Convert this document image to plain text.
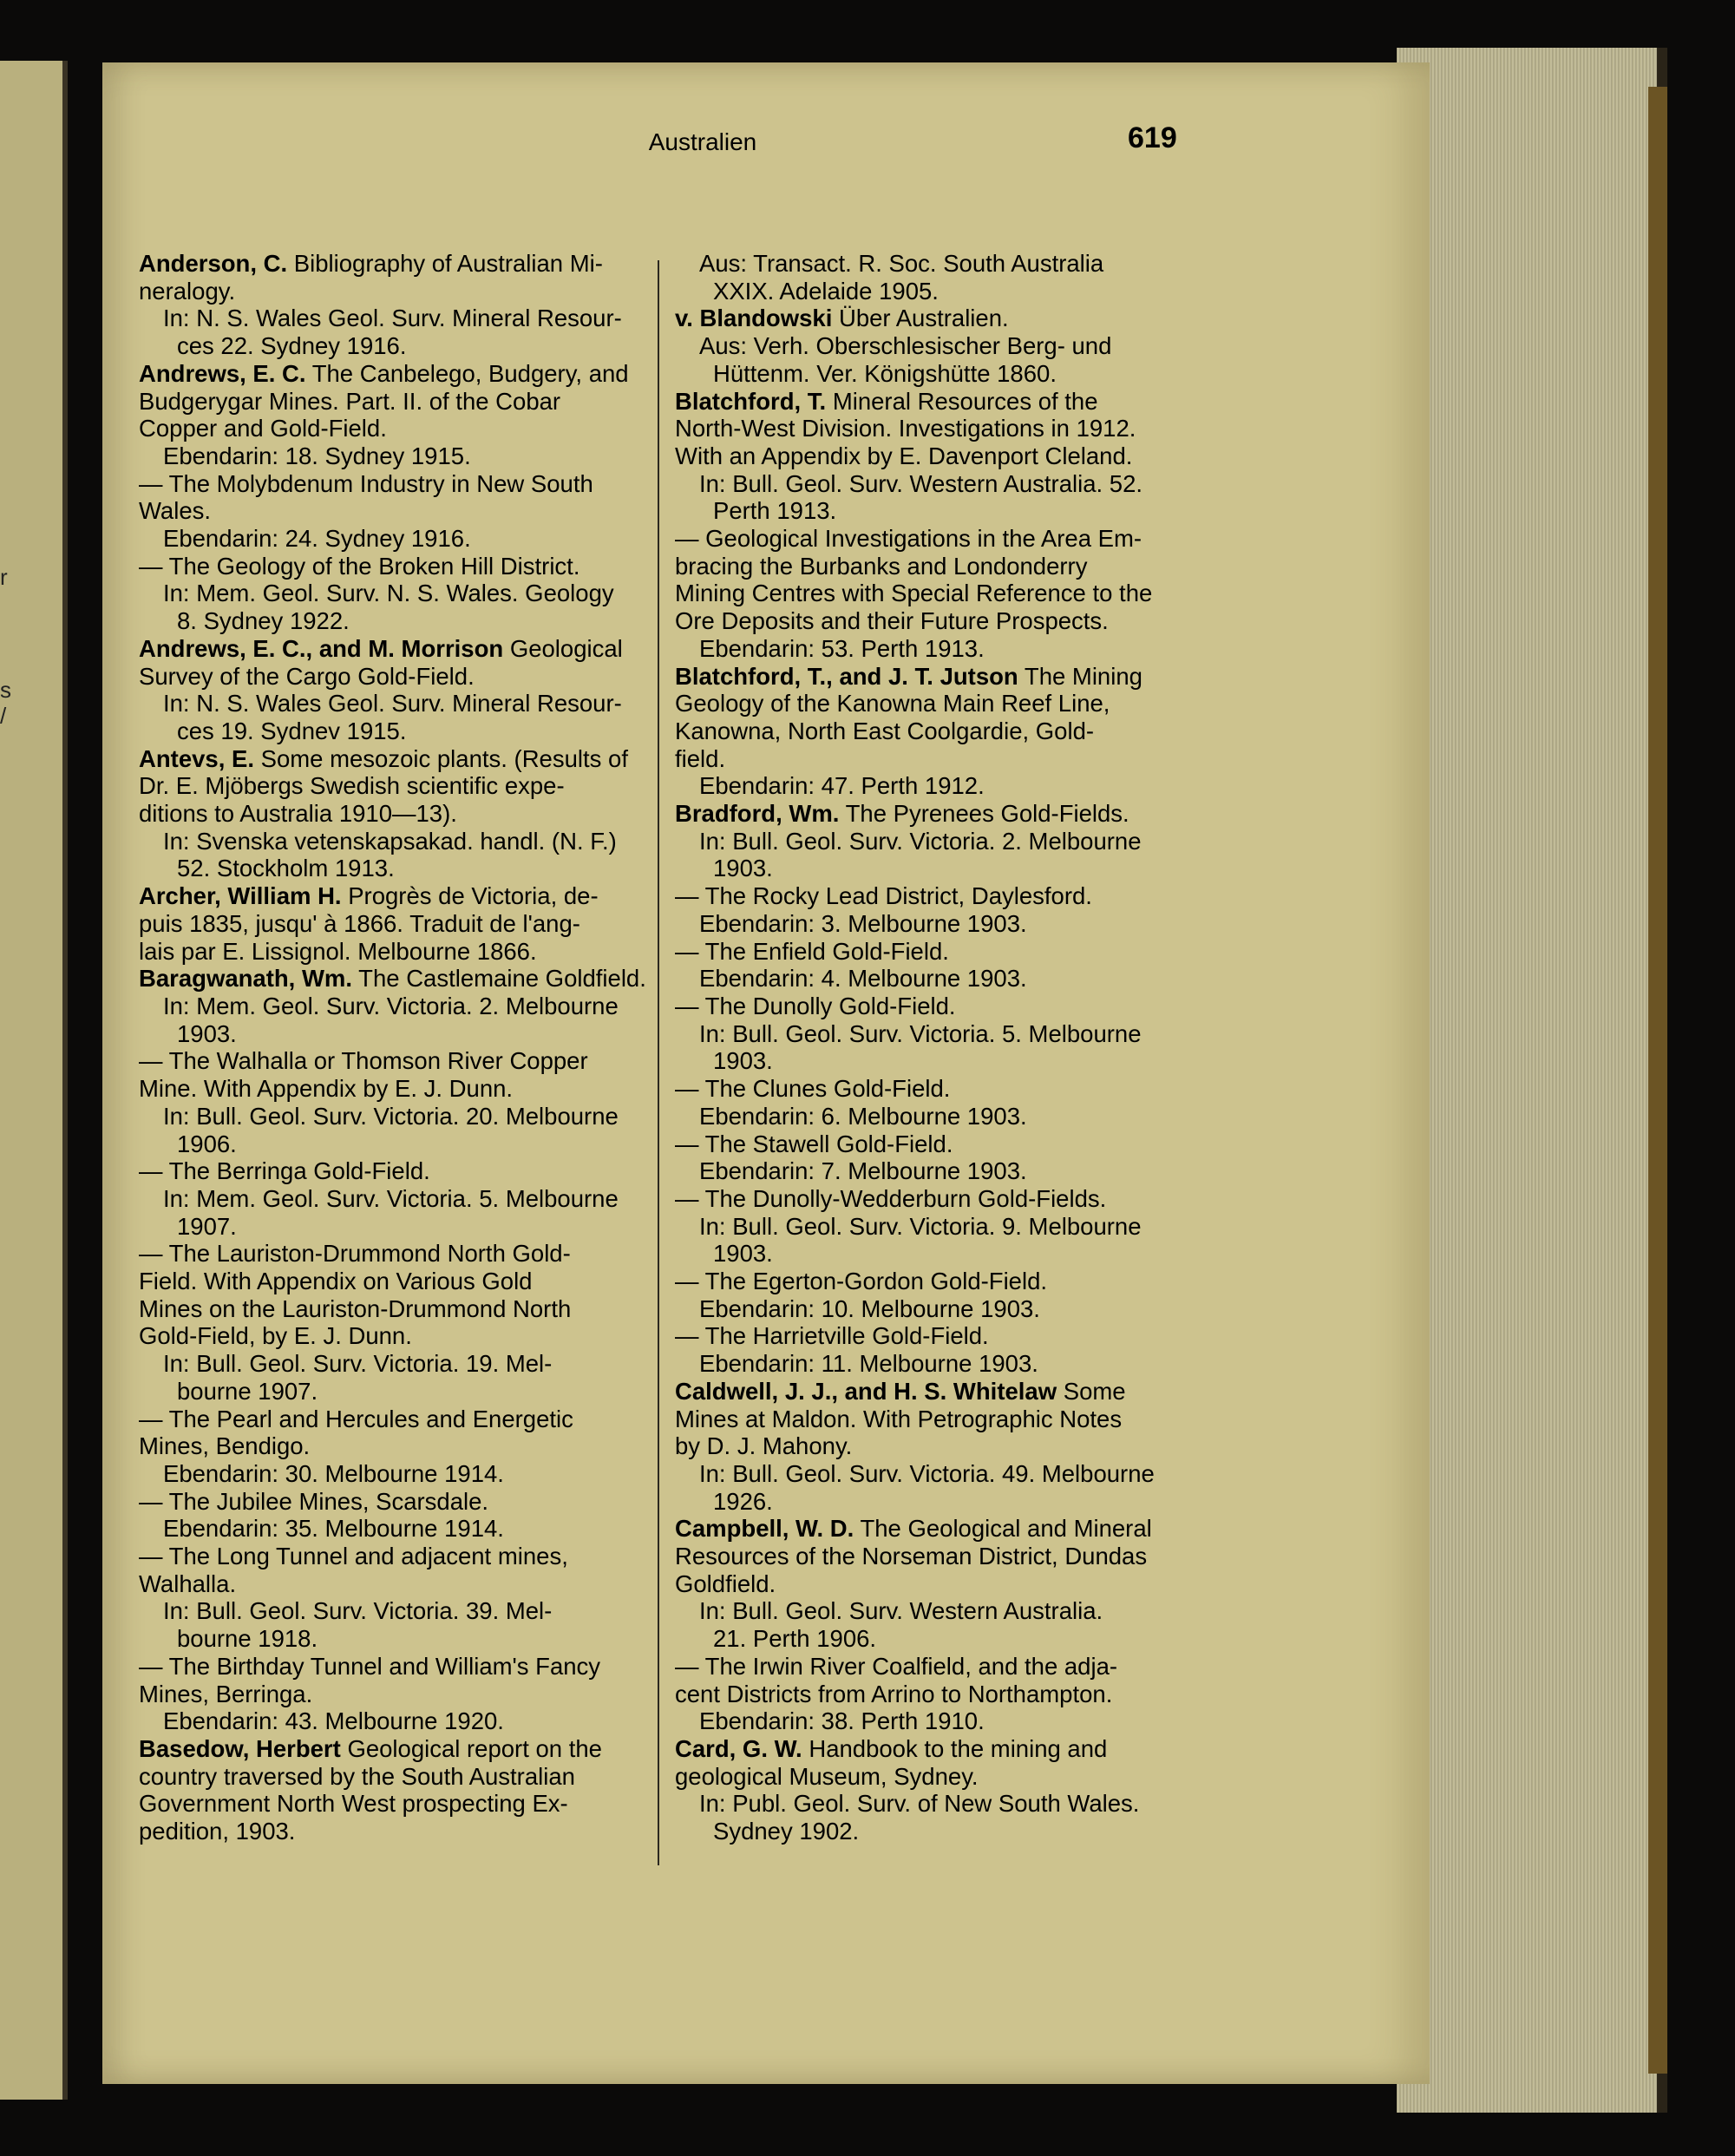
r
s
/
Australien	619
Anderson, C. Bibliography of Australian Mi-
neralogy.
In: N. S. Wales Geol. Surv. Mineral Resour-
ces 22. Sydney 1916.
Andrews, E. C. The Canbelego, Budgery, and
Budgerygar Mines. Part. II. of the Cobar
Copper and Gold-Field.
Ebendarin: 18. Sydney 1915.
— The Molybdenum Industry in New South
Wales.
Ebendarin: 24. Sydney 1916.
— The Geology of the Broken Hill District.
In: Mem. Geol. Surv. N. S. Wales. Geology
8. Sydney 1922.
Andrews, E. C., and M. Morrison Geological
Survey of the Cargo Gold-Field.
In: N. S. Wales Geol. Surv. Mineral Resour-
ces 19. Sydnev 1915.
Antevs, E. Some mesozoic plants. (Results of
Dr. E. Mjöbergs Swedish scientific expe-
ditions to Australia 1910—13).
In: Svenska vetenskapsakad. handl. (N. F.)
52. Stockholm 1913.
Archer, William H. Progrès de Victoria, de-
puis 1835, jusqu' à 1866. Traduit de l'ang-
lais par E. Lissignol. Melbourne 1866.
Baragwanath, Wm. The Castlemaine Goldfield.
In: Mem. Geol. Surv. Victoria. 2. Melbourne
1903.
— The Walhalla or Thomson River Copper
Mine. With Appendix by E. J. Dunn.
In: Bull. Geol. Surv. Victoria. 20. Melbourne
1906.
— The Berringa Gold-Field.
In: Mem. Geol. Surv. Victoria. 5. Melbourne
1907.
— The Lauriston-Drummond North Gold-
Field. With Appendix on Various Gold
Mines on the Lauriston-Drummond North
Gold-Field, by E. J. Dunn.
In: Bull. Geol. Surv. Victoria. 19. Mel-
bourne 1907.
— The Pearl and Hercules and Energetic
Mines, Bendigo.
Ebendarin: 30. Melbourne 1914.
— The Jubilee Mines, Scarsdale.
Ebendarin: 35. Melbourne 1914.
— The Long Tunnel and adjacent mines,
Walhalla.
In: Bull. Geol. Surv. Victoria. 39. Mel-
bourne 1918.
— The Birthday Tunnel and William's Fancy
Mines, Berringa.
Ebendarin: 43. Melbourne 1920.
Basedow, Herbert Geological report on the
country traversed by the South Australian
Government North West prospecting Ex-
pedition, 1903.
Aus: Transact. R. Soc. South Australia
XXIX. Adelaide 1905.
v. Blandowski Über Australien.
Aus: Verh. Oberschlesischer Berg- und
Hüttenm. Ver. Königshütte 1860.
Blatchford, T. Mineral Resources of the
North-West Division. Investigations in 1912.
With an Appendix by E. Davenport Cleland.
In: Bull. Geol. Surv. Western Australia. 52.
Perth 1913.
— Geological Investigations in the Area Em-
bracing the Burbanks and Londonderry
Mining Centres with Special Reference to the
Ore Deposits and their Future Prospects.
Ebendarin: 53. Perth 1913.
Blatchford, T., and J. T. Jutson The Mining
Geology of the Kanowna Main Reef Line,
Kanowna, North East Coolgardie, Gold-
field.
Ebendarin: 47. Perth 1912.
Bradford, Wm. The Pyrenees Gold-Fields.
In: Bull. Geol. Surv. Victoria. 2. Melbourne
1903.
— The Rocky Lead District, Daylesford.
Ebendarin: 3. Melbourne 1903.
— The Enfield Gold-Field.
Ebendarin: 4. Melbourne 1903.
— The Dunolly Gold-Field.
In: Bull. Geol. Surv. Victoria. 5. Melbourne
1903.
— The Clunes Gold-Field.
Ebendarin: 6. Melbourne 1903.
— The Stawell Gold-Field.
Ebendarin: 7. Melbourne 1903.
— The Dunolly-Wedderburn Gold-Fields.
In: Bull. Geol. Surv. Victoria. 9. Melbourne
1903.
— The Egerton-Gordon Gold-Field.
Ebendarin: 10. Melbourne 1903.
— The Harrietville Gold-Field.
Ebendarin: 11. Melbourne 1903.
Caldwell, J. J., and H. S. Whitelaw Some
Mines at Maldon. With Petrographic Notes
by D. J. Mahony.
In: Bull. Geol. Surv. Victoria. 49. Melbourne
1926.
Campbell, W. D. The Geological and Mineral
Resources of the Norseman District, Dundas
Goldfield.
In: Bull. Geol. Surv. Western Australia.
21. Perth 1906.
— The Irwin River Coalfield, and the adja-
cent Districts from Arrino to Northampton.
Ebendarin: 38. Perth 1910.
Card, G. W. Handbook to the mining and
geological Museum, Sydney.
In: Publ. Geol. Surv. of New South Wales.
Sydney 1902.
